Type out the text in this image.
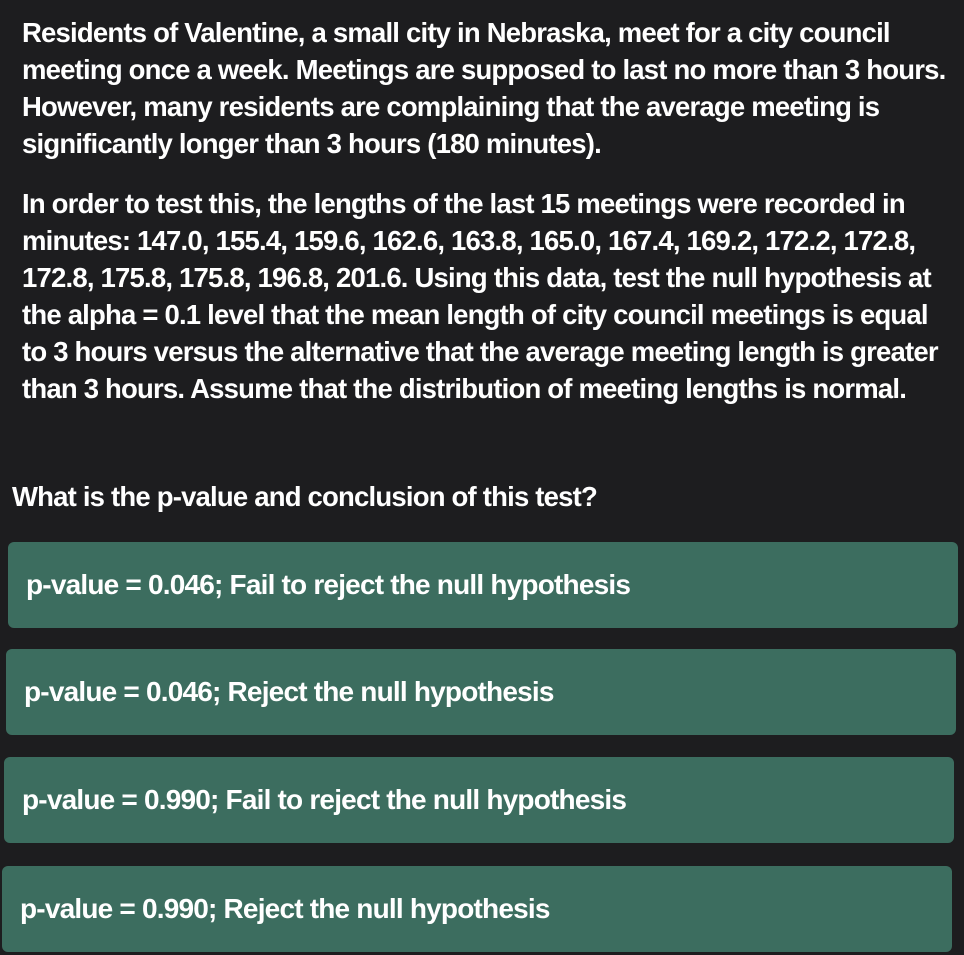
Residents of Valentine, a small city in Nebraska, meet for a city council meeting once a week. Meetings are supposed to last no more than 3 hours. However, many residents are complaining that the average meeting is significantly longer than 3 hours (180 minutes).

In order to test this, the lengths of the last 15 meetings were recorded in minutes: 147.0, 155.4, 159.6, 162.6, 163.8, 165.0, 167.4, 169.2, 172.2, 172.8, 172.8, 175.8, 175.8, 196.8, 201.6. Using this data, test the null hypothesis at the alpha = 0.1 level that the mean length of city council meetings is equal to 3 hours versus the alternative that the average meeting length is greater than 3 hours. Assume that the distribution of meeting lengths is normal.

What is the p-value and conclusion of this test?
p-value = 0.046; Fail to reject the null hypothesis
p-value = 0.046; Reject the null hypothesis
p-value = 0.990; Fail to reject the null hypothesis
p-value = 0.990; Reject the null hypothesis
